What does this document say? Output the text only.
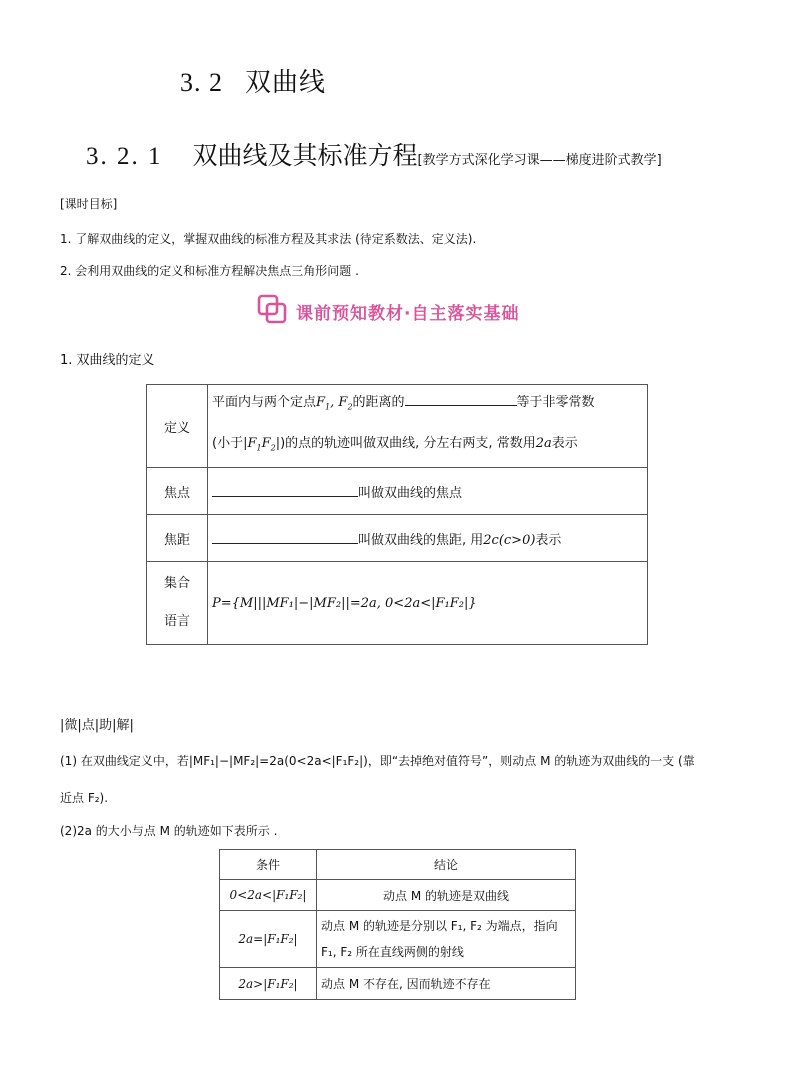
3. 2 双曲线
3. 2. 1 双曲线及其标准方程[教学方式深化学习课——梯度进阶式教学]
[课时目标]
1. 了解双曲线的定义，掌握双曲线的标准方程及其求法 (待定系数法、定义法).
2. 会利用双曲线的定义和标准方程解决焦点三角形问题 .
课前预知教材·自主落实基础
1. 双曲线的定义
定义	平面内与两个定点$F_1$, $F_2$的距离的 等于非零常数
(小于$|F_1F_2|$)的点的轨迹叫做双曲线, 分左右两支, 常数用2a表示

焦点	叫做双曲线的焦点
焦距	叫做双曲线的焦距, 用2c(c>0)表示

集合
语言	P={M|||MF₁|−|MF₂||=2a, 0<2a<|F₁F₂|}
|微|点|助|解|
(1) 在双曲线定义中，若|MF₁|−|MF₂|=2a(0<2a<|F₁F₂|)，即“去掉绝对值符号”，则动点 M 的轨迹为双曲线的一支 (靠
近点 F₂).
(2)2a 的大小与点 M 的轨迹如下表所示 .
条件	结论
0<2a<|F₁F₂|	动点 M 的轨迹是双曲线
2a=|F₁F₂|	动点 M 的轨迹是分别以 F₁, F₂ 为端点，指向
F₁, F₂ 所在直线两侧的射线

2a>|F₁F₂|	动点 M 不存在, 因而轨迹不存在
